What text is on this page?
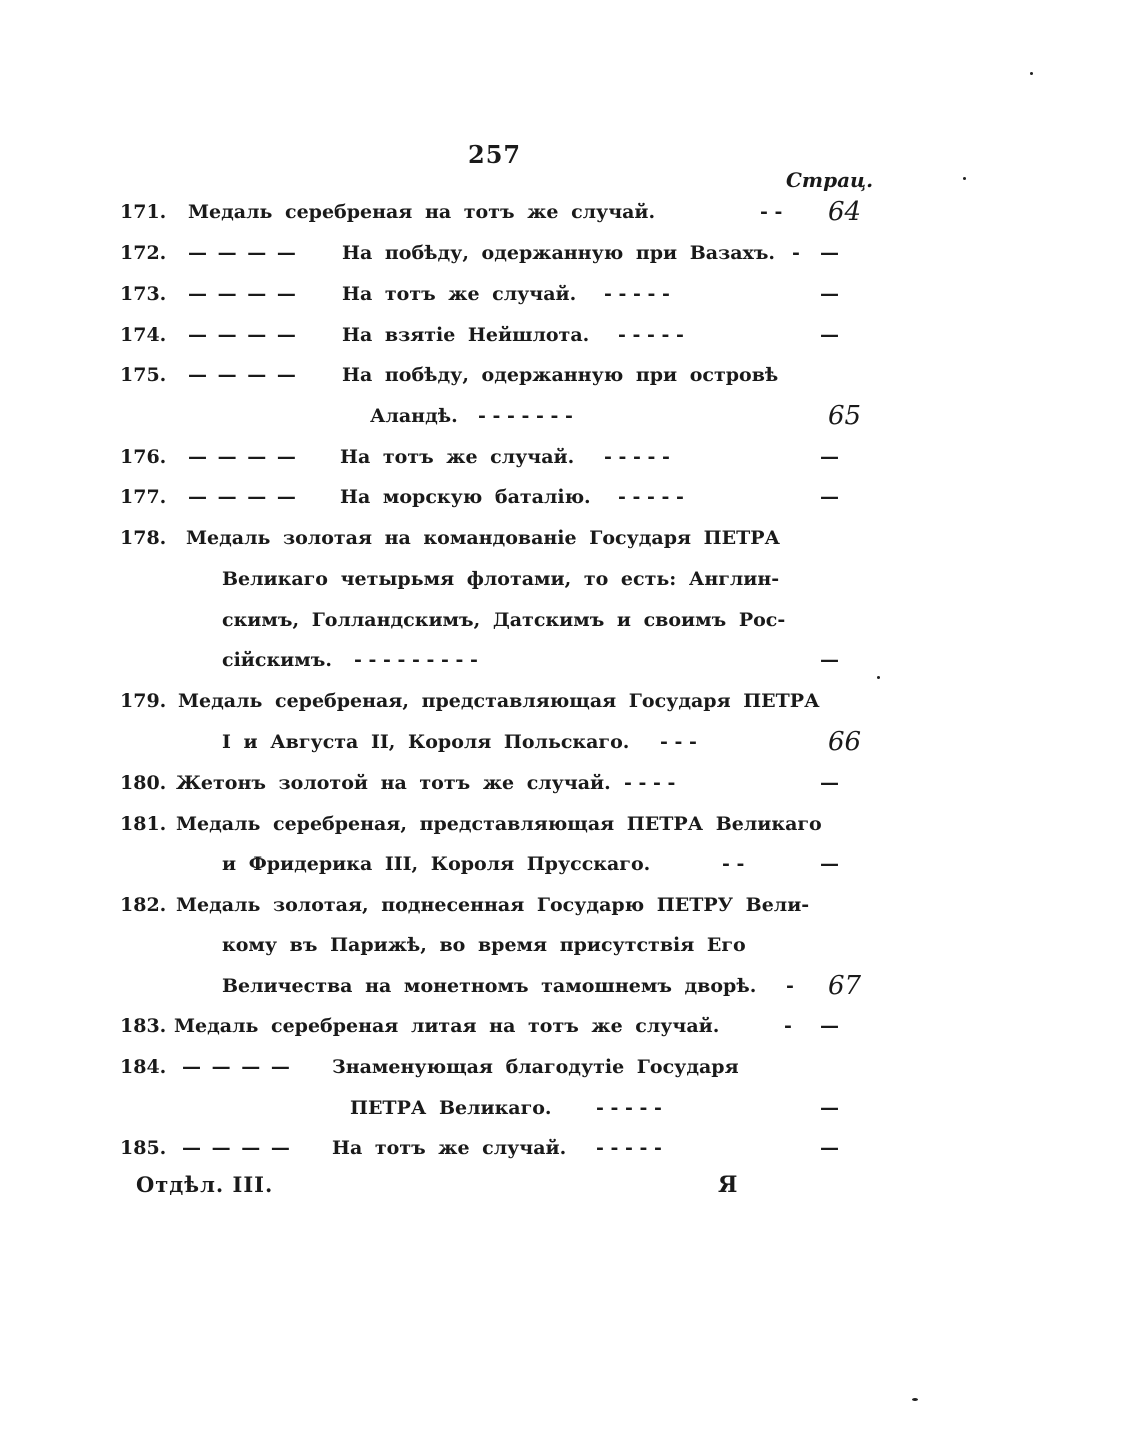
257
Страц.
171. Медаль серебреная на тотъ же случай.	- - 64
172. — — — — На побѣду, одержанную при Вазахъ. - —
173. — — — — На тотъ же случай. - - - - -	—
174. — — — — На взятіе Нейшлота. - - - - -	—
175. — — — — На побѣду, одержанную при островѣ
Аландѣ. - - - - - - -	65
176. — — — — На тотъ же случай. - - - - -	—
177. — — — — На морскую баталію. - - - - -	—
178. Медаль золотая на командованіе Государя ПЕТРА
Великаго четырьмя флотами, то есть: Англин-
скимъ, Голландскимъ, Датскимъ и своимъ Рос-
сійскимъ. - - - - - - - - -	—
179. Медаль серебреная, представляющая Государя ПЕТРА
I и Августа II, Короля Польскаго. - - -	66
180. Жетонъ золотой на тотъ же случай. - - - -	—
181. Медаль серебреная, представляющая ПЕТРА Великаго
и Фридерика III, Короля Прусскаго.	- -	—
182. Медаль золотая, поднесенная Государю ПЕТРУ Вели-
кому въ Парижѣ, во время присутствія Его
Величества на монетномъ тамошнемъ дворѣ. - 67
183. Медаль серебреная литая на тотъ же случай.	- —
184. — — — — Знаменующая благодутіе Государя
ПЕТРА Великаго. - - - - -	—
185. — — — — На тотъ же случай. - - - - -	—
Отдѣл. III.	Я
